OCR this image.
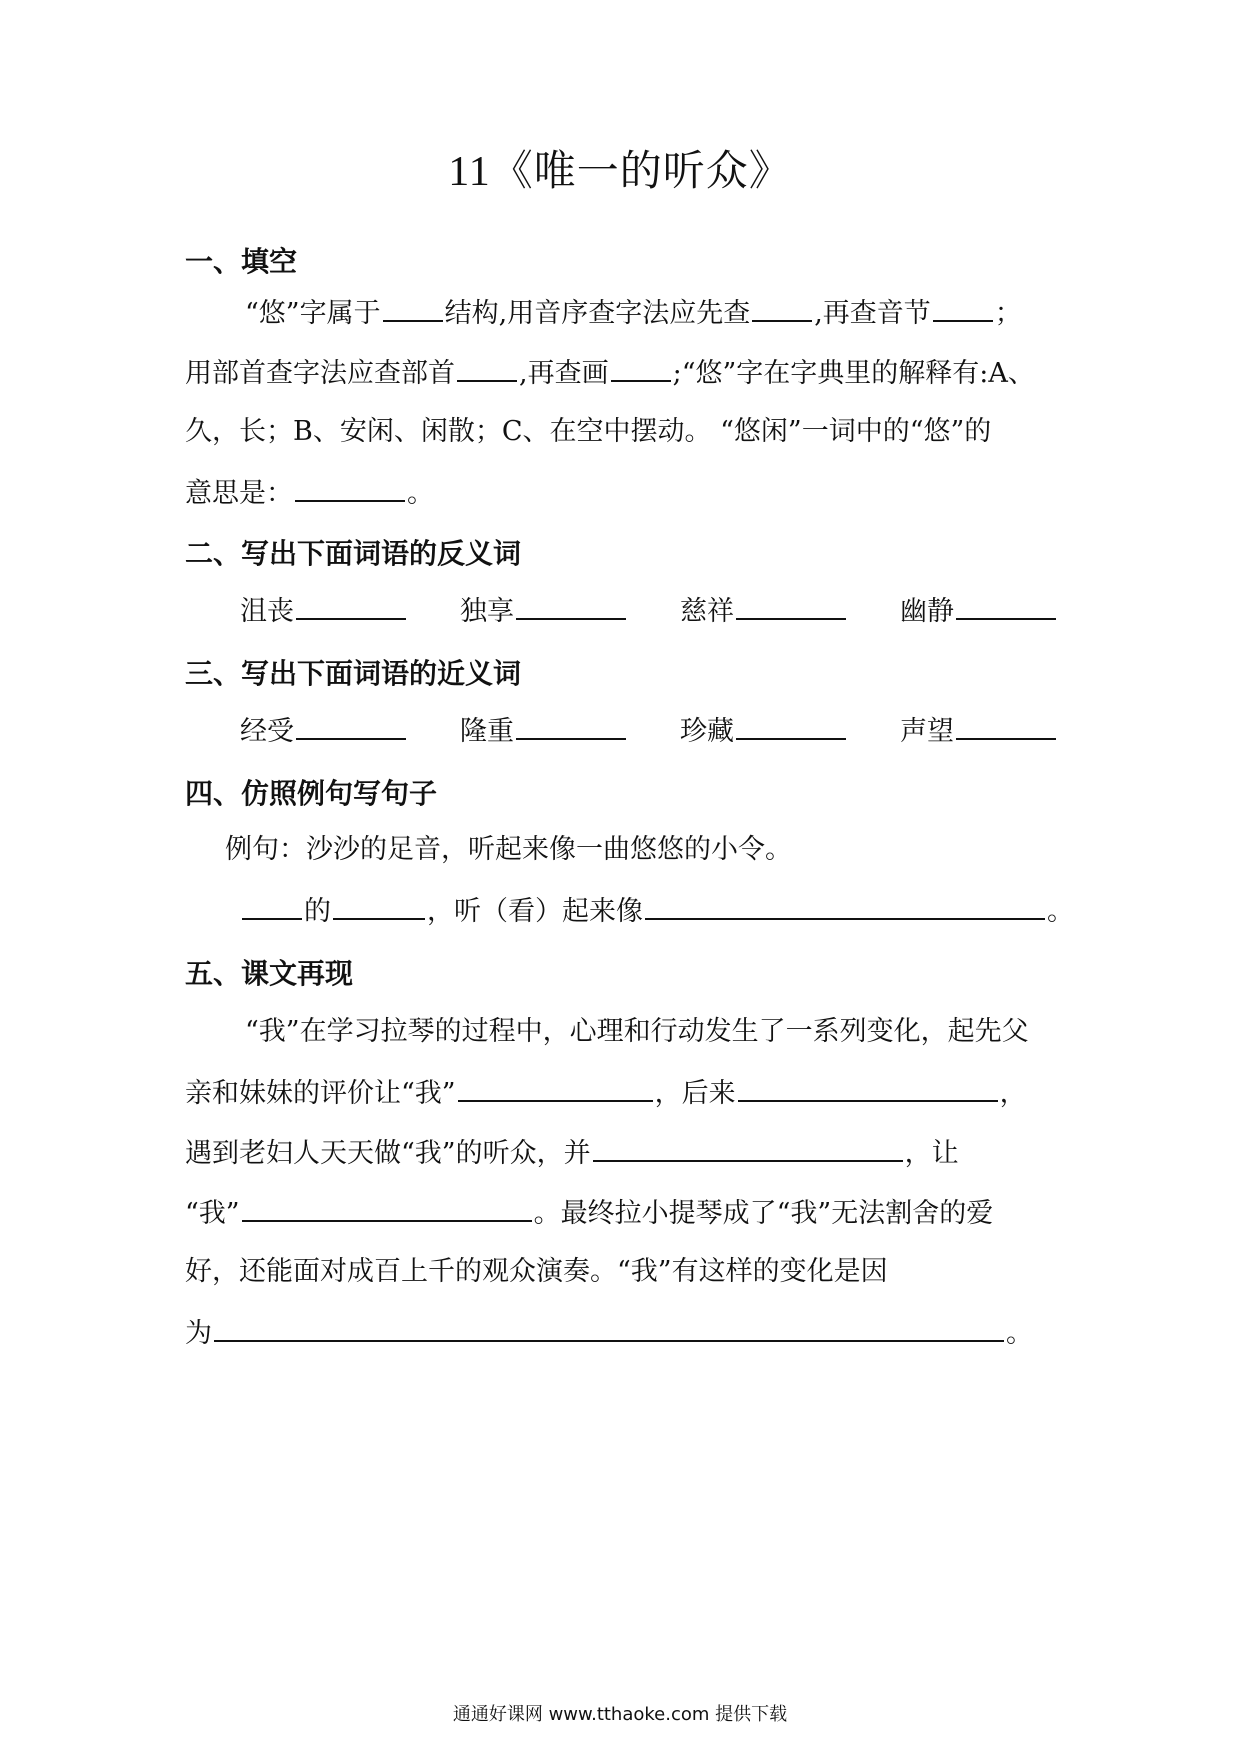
11《唯一的听众》
一、填空
“悠”字属于 结构,用音序查字法应先查 ,再查音节 ；
用部首查字法应查部首 ,再查画 ;“悠”字在字典里的解释有:A、
久，长；B、安闲、闲散；C、在空中摆动。 “悠闲”一词中的“悠”的
意思是：	。
二、写出下面词语的反义词
沮丧	独享	慈祥	幽静
三、写出下面词语的近义词
经受	隆重	珍藏	声望
四、仿照例句写句子
例句：沙沙的足音，听起来像一曲悠悠的小令。
的	，听（看）起来像	。
五、课文再现
“我”在学习拉琴的过程中，心理和行动发生了一系列变化，起先父
亲和妹妹的评价让“我”	，后来	，
遇到老妇人天天做“我”的听众，并	，让
“我”	。最终拉小提琴成了“我”无法割舍的爱
好，还能面对成百上千的观众演奏。“我”有这样的变化是因
为	。
通通好课网 www.tthaoke.com 提供下载
